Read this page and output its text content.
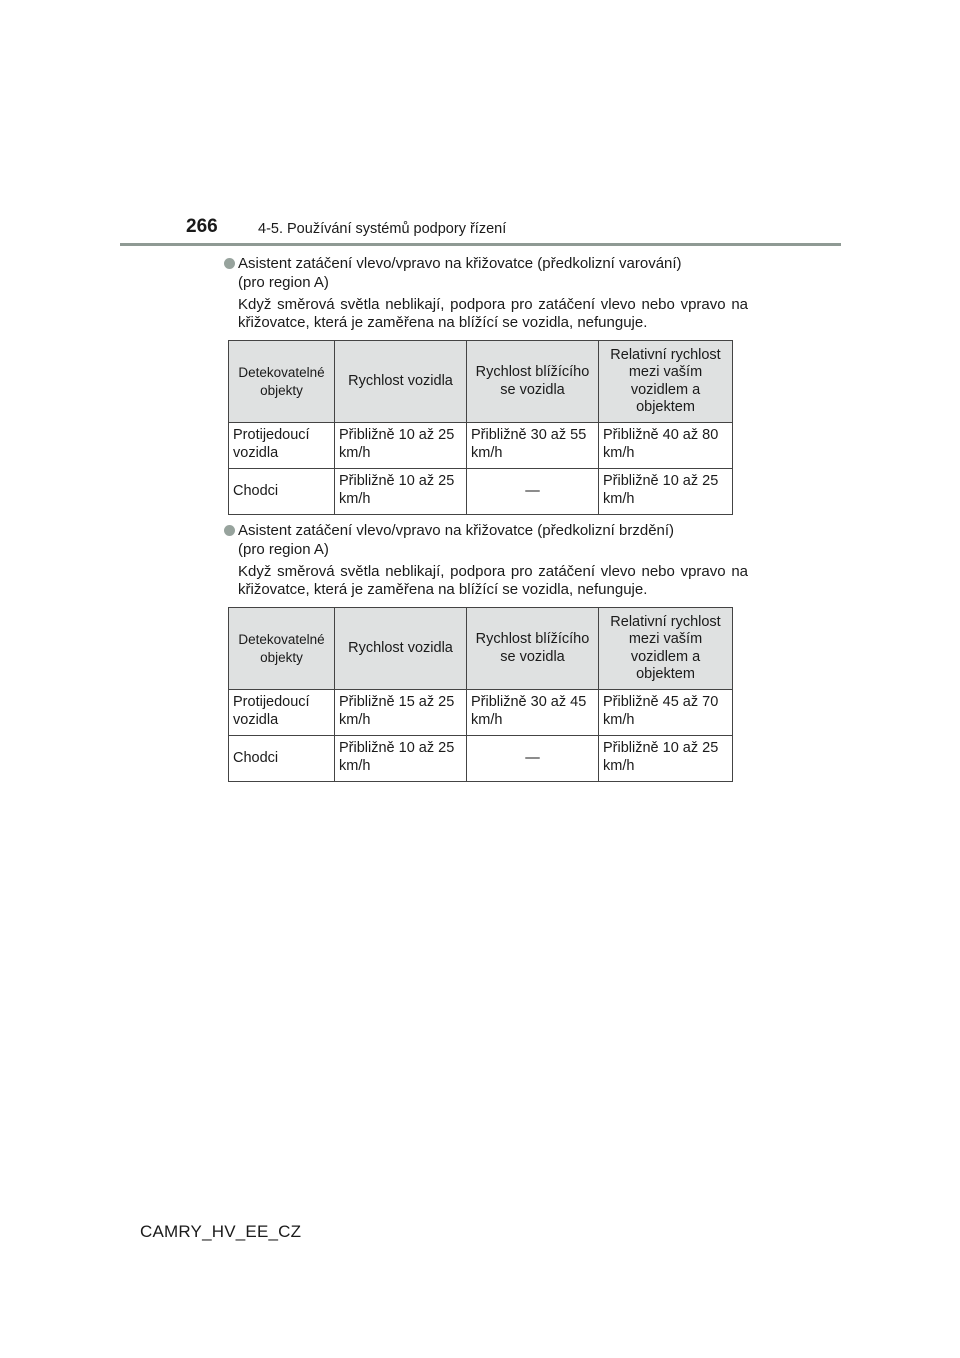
266	4-5. Používání systémů podpory řízení
Asistent zatáčení vlevo/vpravo na křižovatce (předkolizní varování)
(pro region A)
Když směrová světla neblikají, podpora pro zatáčení vlevo nebo vpravo na křižovatce, která je zaměřena na blížící se vozidla, nefunguje.
Detekovatelné objekty	Rychlost vozidla	Rychlost blížícího se vozidla	Relativní rychlost mezi vaším vozidlem a objektem
Protijedoucí vozidla	Přibližně 10 až 25 km/h	Přibližně 30 až 55 km/h	Přibližně 40 až 80 km/h
Chodci	Přibližně 10 až 25 km/h	—	Přibližně 10 až 25 km/h
Asistent zatáčení vlevo/vpravo na křižovatce (předkolizní brzdění)
(pro region A)
Když směrová světla neblikají, podpora pro zatáčení vlevo nebo vpravo na křižovatce, která je zaměřena na blížící se vozidla, nefunguje.
Detekovatelné objekty	Rychlost vozidla	Rychlost blížícího se vozidla	Relativní rychlost mezi vaším vozidlem a objektem
Protijedoucí vozidla	Přibližně 15 až 25 km/h	Přibližně 30 až 45 km/h	Přibližně 45 až 70 km/h
Chodci	Přibližně 10 až 25 km/h	—	Přibližně 10 až 25 km/h
CAMRY_HV_EE_CZ
